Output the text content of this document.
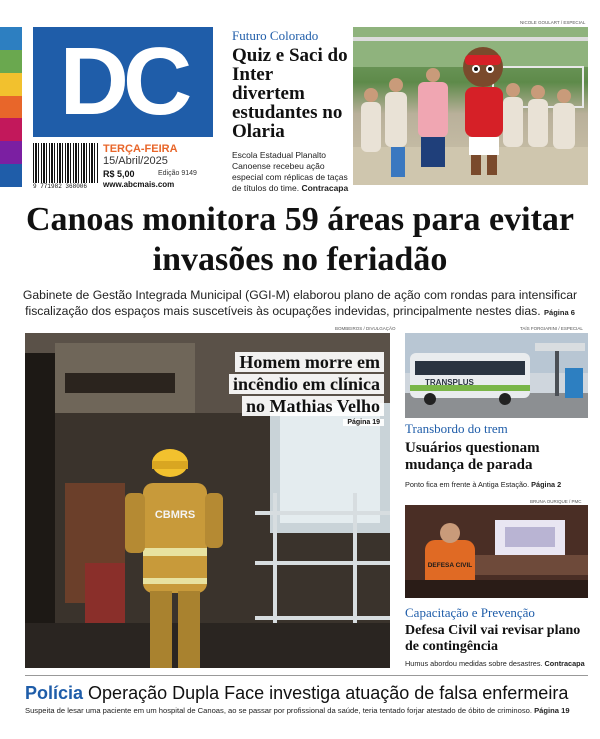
DC
9 771982 368006
TERÇA-FEIRA
15/Abril/2025
R$ 5,00	Edição 9149
www.abcmais.com
Futuro Colorado
Quiz e Saci do Inter divertem estudantes no Olaria
Escola Estadual Planalto Canoense recebeu ação especial com réplicas de taças de títulos do time. Contracapa
NICOLE GOULART / ESPECIAL
Canoas monitora 59 áreas para evitar invasões no feriadão
Gabinete de Gestão Integrada Municipal (GGI-M) elaborou plano de ação com rondas para intensificar fiscalização dos espaços mais suscetíveis às ocupações indevidas, principalmente nestes dias. Página 6
BOMBEIROS / DIVULGAÇÃO
CBMRS
Homem morre em
incêndio em clínica
no Mathias Velho
Página 19
TAÍS FORGIARINI / ESPECIAL
TRANSPLUS
Transbordo do trem
Usuários questionam mudança de parada
Ponto fica em frente à Antiga Estação. Página 2
BRUNA OURIQUE / PMC
DEFESA CIVIL
Capacitação e Prevenção
Defesa Civil vai revisar plano de contingência
Humus abordou medidas sobre desastres. Contracapa
Polícia Operação Dupla Face investiga atuação de falsa enfermeira
Suspeita de lesar uma paciente em um hospital de Canoas, ao se passar por profissional da saúde, teria tentado forjar atestado de óbito de criminoso. Página 19
